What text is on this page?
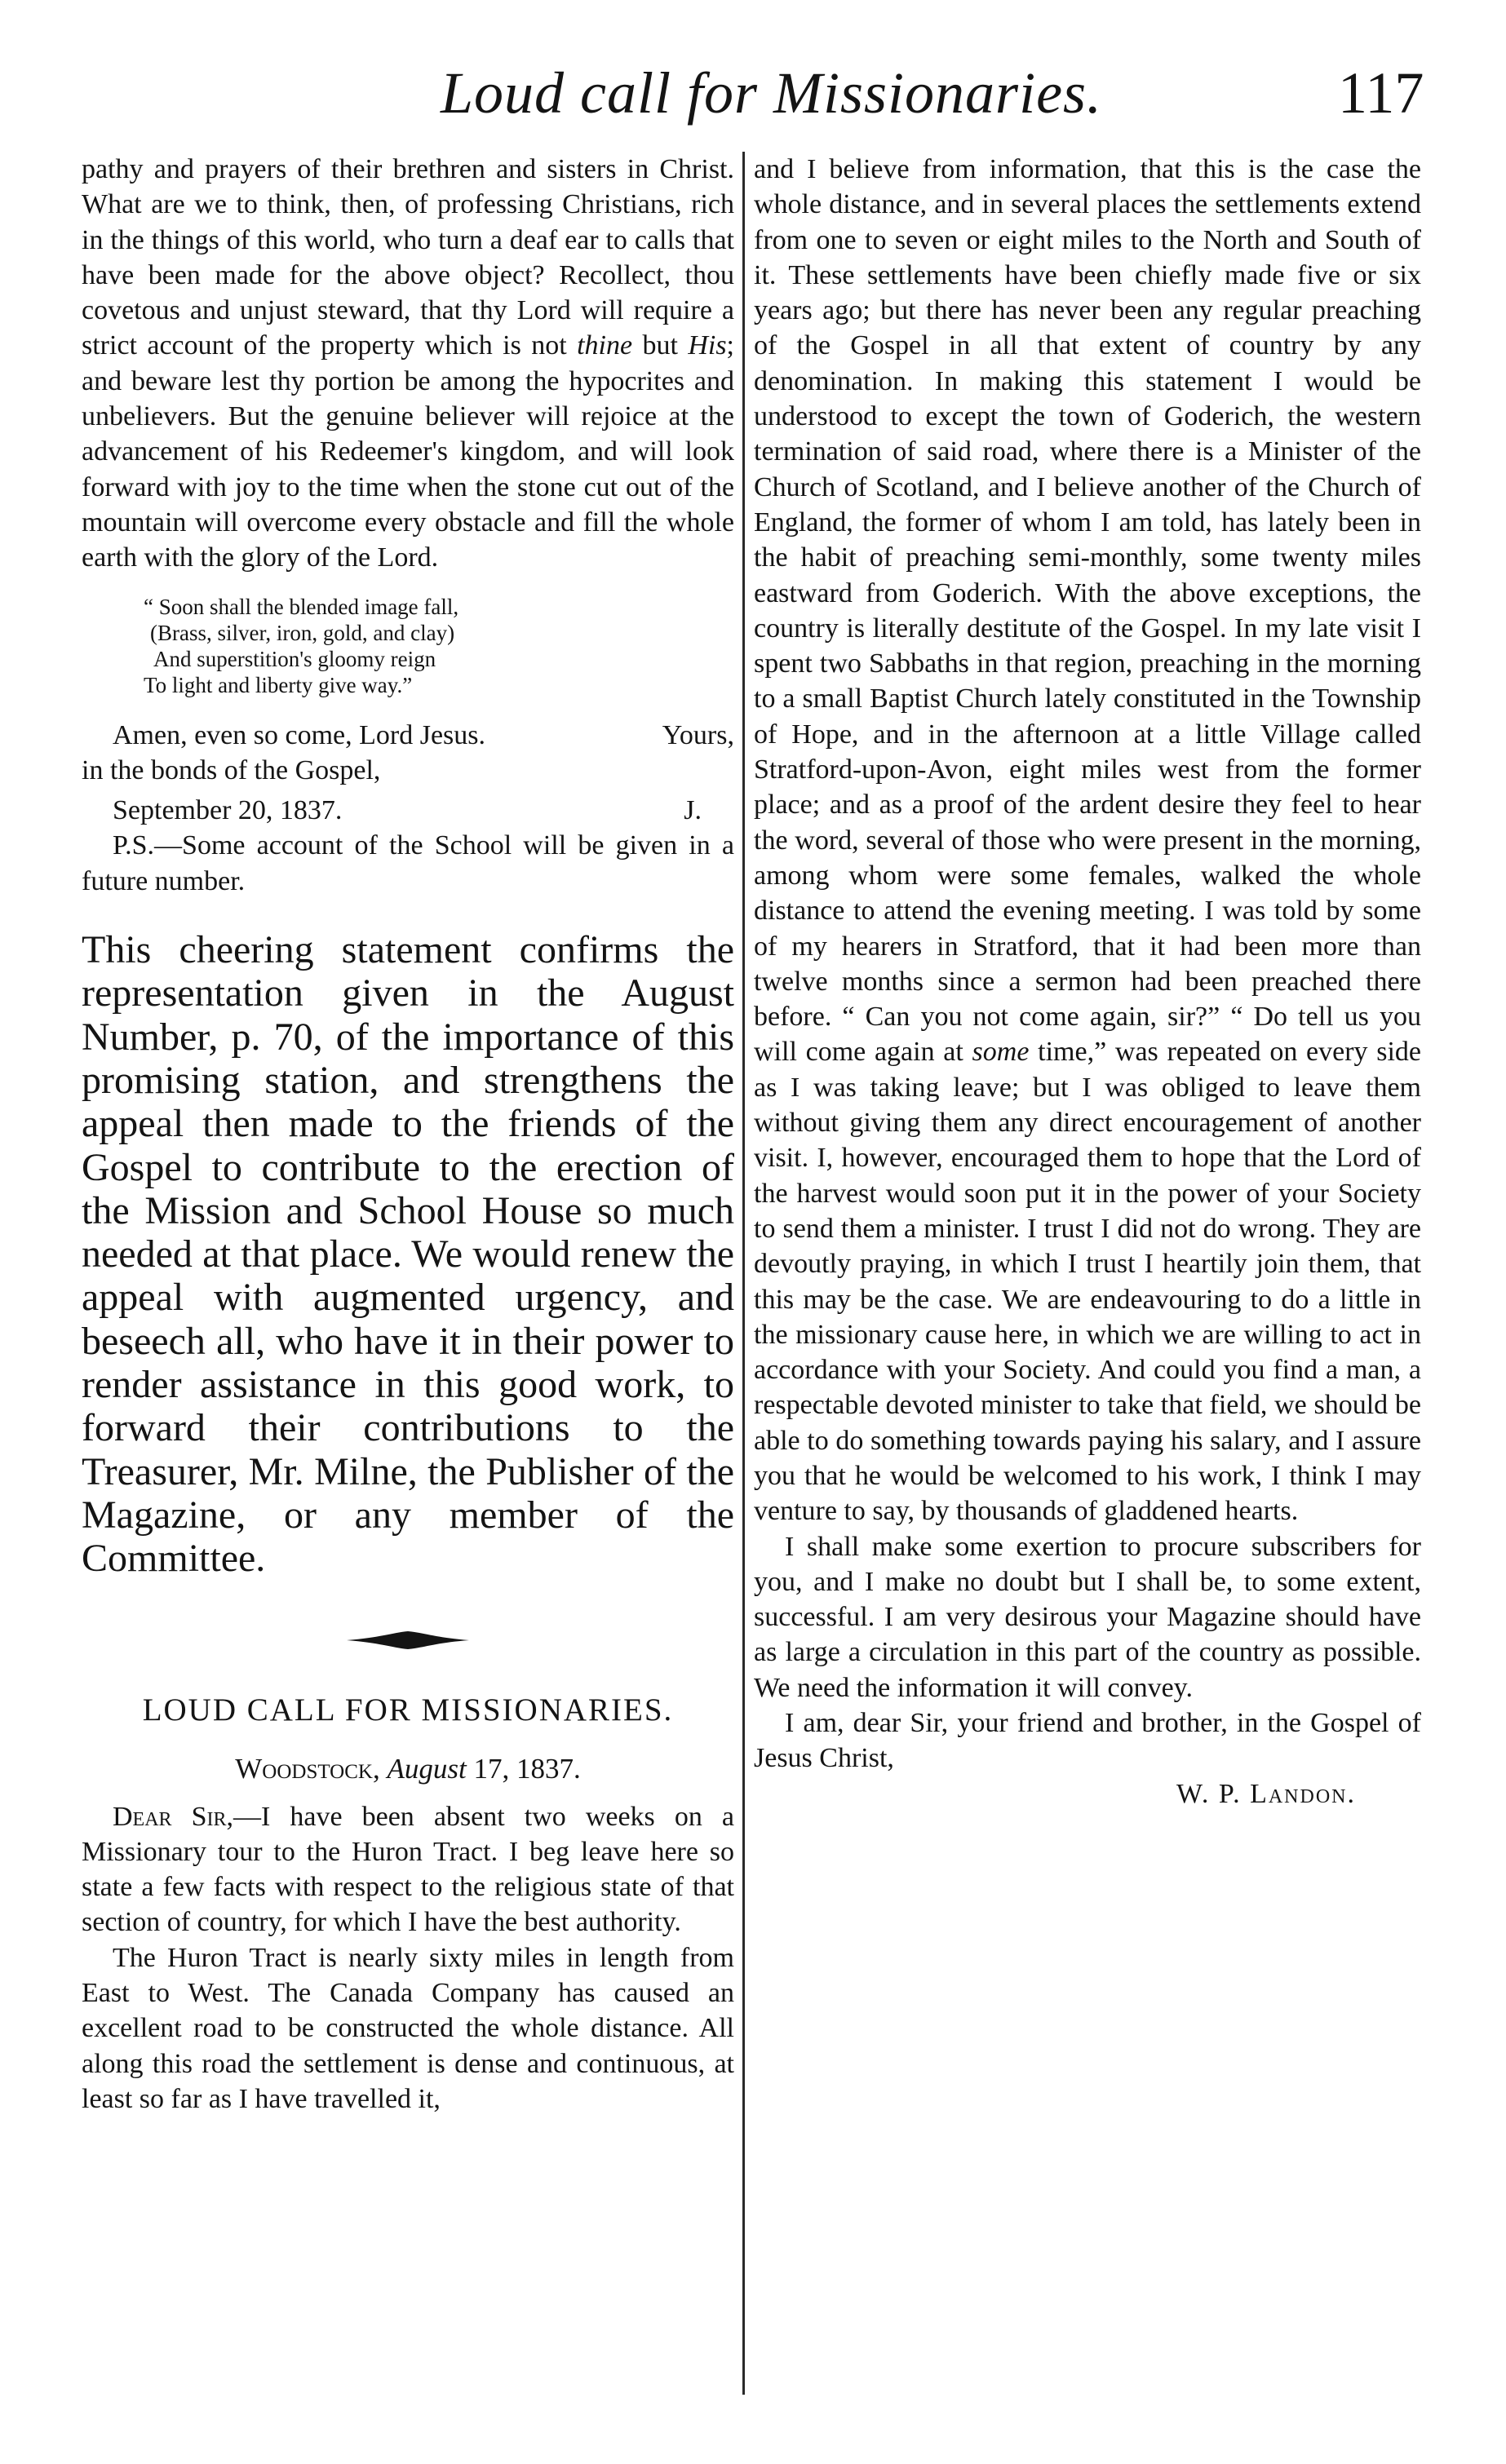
Loud call for Missionaries.	117

pathy and prayers of their brethren and sisters in Christ. What are we to think, then, of professing Christians, rich in the things of this world, who turn a deaf ear to calls that have been made for the above object? Recollect, thou covetous and unjust steward, that thy Lord will require a strict account of the property which is not thine but His; and beware lest thy portion be among the hypocrites and unbelievers. But the genuine believer will rejoice at the advancement of his Redeemer's kingdom, and will look forward with joy to the time when the stone cut out of the mountain will overcome every obstacle and fill the whole earth with the glory of the Lord.

“ Soon shall the blended image fall,
(Brass, silver, iron, gold, and clay)
And superstition's gloomy reign
To light and liberty give way.”
Amen, even so come, Lord Jesus.	Yours,
in the bonds of the Gospel,
September 20, 1837.	J.

P.S.—Some account of the School will be given in a future number.

This cheering statement confirms the representation given in the August Number, p. 70, of the importance of this promising station, and strengthens the appeal then made to the friends of the Gospel to contribute to the erection of the Mission and School House so much needed at that place. We would renew the appeal with augmented urgency, and beseech all, who have it in their power to render assistance in this good work, to forward their contributions to the Treasurer, Mr. Milne, the Publisher of the Magazine, or any member of the Committee.

LOUD CALL FOR MISSIONARIES.
Woodstock, August 17, 1837.

Dear Sir,—I have been absent two weeks on a Missionary tour to the Huron Tract. I beg leave here so state a few facts with respect to the religious state of that section of country, for which I have the best authority.

The Huron Tract is nearly sixty miles in length from East to West. The Canada Company has caused an excellent road to be constructed the whole distance. All along this road the settlement is dense and continuous, at least so far as I have travelled it,

and I believe from information, that this is the case the whole distance, and in several places the settlements extend from one to seven or eight miles to the North and South of it. These settlements have been chiefly made five or six years ago; but there has never been any regular preaching of the Gospel in all that extent of country by any denomination. In making this statement I would be understood to except the town of Goderich, the western termination of said road, where there is a Minister of the Church of Scotland, and I believe another of the Church of England, the former of whom I am told, has lately been in the habit of preaching semi-monthly, some twenty miles eastward from Goderich. With the above exceptions, the country is literally destitute of the Gospel. In my late visit I spent two Sabbaths in that region, preaching in the morning to a small Baptist Church lately constituted in the Township of Hope, and in the afternoon at a little Village called Stratford-upon-Avon, eight miles west from the former place; and as a proof of the ardent desire they feel to hear the word, several of those who were present in the morning, among whom were some females, walked the whole distance to attend the evening meeting. I was told by some of my hearers in Stratford, that it had been more than twelve months since a sermon had been preached there before. “ Can you not come again, sir?” “ Do tell us you will come again at some time,” was repeated on every side as I was taking leave; but I was obliged to leave them without giving them any direct encouragement of another visit. I, however, encouraged them to hope that the Lord of the harvest would soon put it in the power of your Society to send them a minister. I trust I did not do wrong. They are devoutly praying, in which I trust I heartily join them, that this may be the case. We are endeavouring to do a little in the missionary cause here, in which we are willing to act in accordance with your Society. And could you find a man, a respectable devoted minister to take that field, we should be able to do something towards paying his salary, and I assure you that he would be welcomed to his work, I think I may venture to say, by thousands of gladdened hearts.

I shall make some exertion to procure subscribers for you, and I make no doubt but I shall be, to some extent, successful. I am very desirous your Magazine should have as large a circulation in this part of the country as possible. We need the information it will convey.

I am, dear Sir, your friend and brother, in the Gospel of Jesus Christ,

W. P. Landon.
